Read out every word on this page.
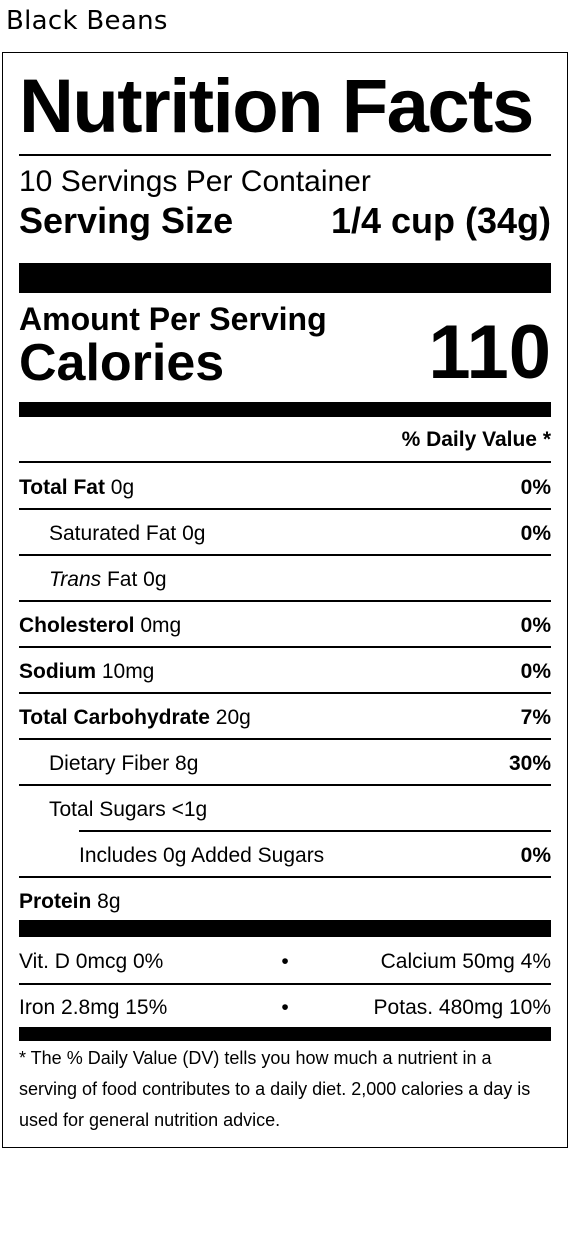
Black Beans
Nutrition Facts
10 Servings Per Container
Serving Size	1/4 cup (34g)
Amount Per Serving
Calories	110
% Daily Value *
Total Fat 0g	0%
Saturated Fat 0g	0%
Trans Fat 0g
Cholesterol 0mg	0%
Sodium 10mg	0%
Total Carbohydrate 20g	7%
Dietary Fiber 8g	30%
Total Sugars <1g
Includes 0g Added Sugars	0%
Protein 8g
Vit. D 0mcg 0%	•	Calcium 50mg 4%
Iron 2.8mg 15%	•	Potas. 480mg 10%
* The % Daily Value (DV) tells you how much a nutrient in a serving of food contributes to a daily diet. 2,000 calories a day is used for general nutrition advice.
